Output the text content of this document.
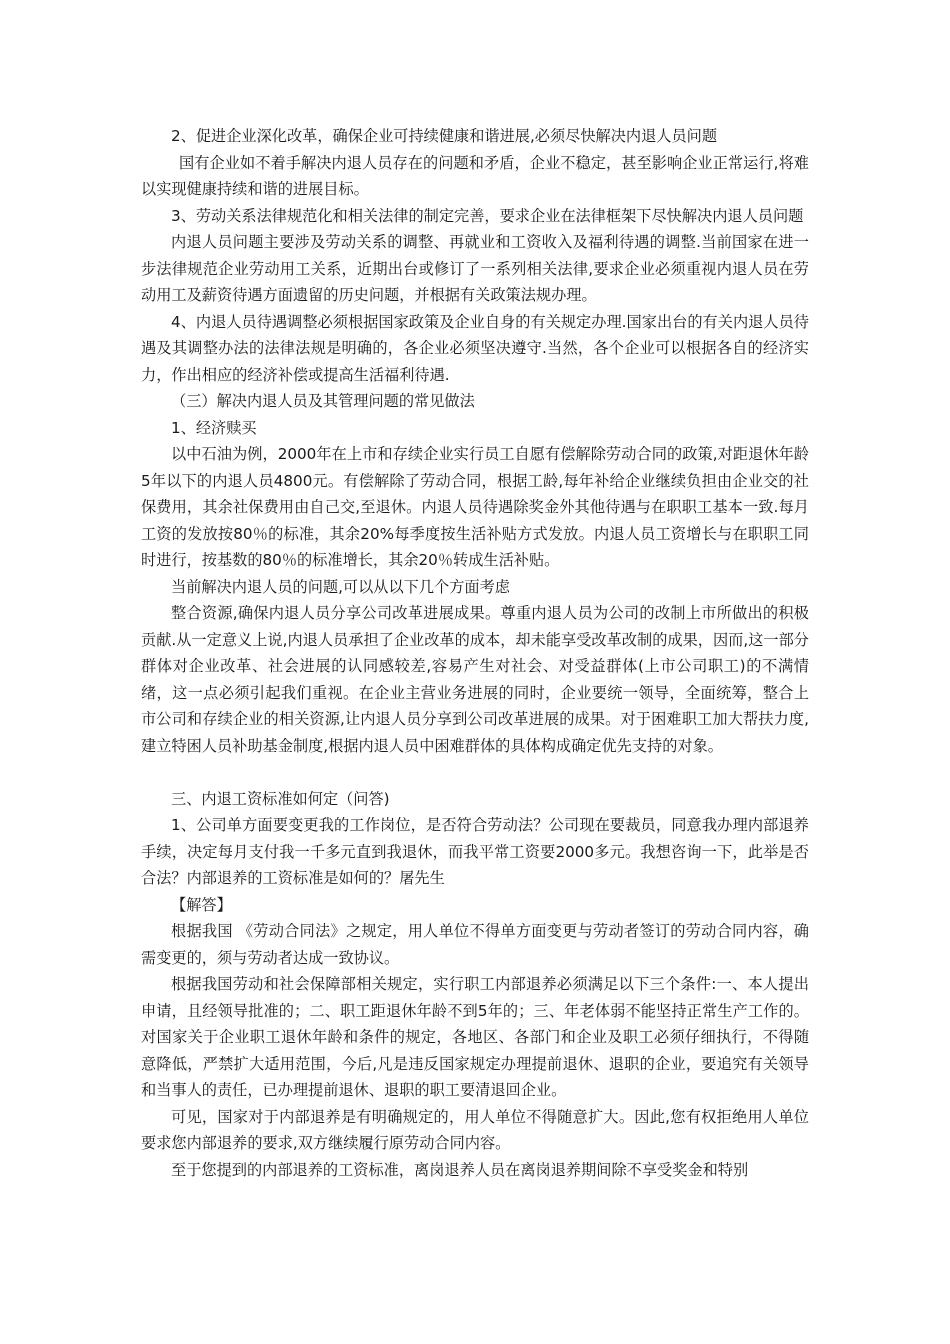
2、促进企业深化改革，确保企业可持续健康和谐进展,必须尽快解决内退人员问题

国有企业如不着手解决内退人员存在的问题和矛盾，企业不稳定，甚至影响企业正常运行,将难以实现健康持续和谐的进展目标。

3、劳动关系法律规范化和相关法律的制定完善，要求企业在法律框架下尽快解决内退人员问题

内退人员问题主要涉及劳动关系的调整、再就业和工资收入及福利待遇的调整.当前国家在进一步法律规范企业劳动用工关系，近期出台或修订了一系列相关法律,要求企业必须重视内退人员在劳动用工及薪资待遇方面遗留的历史问题，并根据有关政策法规办理。

4、内退人员待遇调整必须根据国家政策及企业自身的有关规定办理.国家出台的有关内退人员待遇及其调整办法的法律法规是明确的，各企业必须坚决遵守.当然，各个企业可以根据各自的经济实力，作出相应的经济补偿或提高生活福利待遇.

（三）解决内退人员及其管理问题的常见做法

1、经济赎买

以中石油为例，2000年在上市和存续企业实行员工自愿有偿解除劳动合同的政策,对距退休年龄5年以下的内退人员4800元。有偿解除了劳动合同，根据工龄,每年补给企业继续负担由企业交的社保费用，其余社保费用由自己交,至退休。内退人员待遇除奖金外其他待遇与在职职工基本一致.每月工资的发放按80％的标准，其余20%每季度按生活补贴方式发放。内退人员工资增长与在职职工同时进行，按基数的80％的标准增长，其余20％转成生活补贴。

当前解决内退人员的问题,可以从以下几个方面考虑

整合资源,确保内退人员分享公司改革进展成果。尊重内退人员为公司的改制上市所做出的积极贡献.从一定意义上说,内退人员承担了企业改革的成本，却未能享受改革改制的成果，因而,这一部分群体对企业改革、社会进展的认同感较差,容易产生对社会、对受益群体(上市公司职工)的不满情绪，这一点必须引起我们重视。在企业主营业务进展的同时，企业要统一领导，全面统筹，整合上市公司和存续企业的相关资源,让内退人员分享到公司改革进展的成果。对于困难职工加大帮扶力度,建立特困人员补助基金制度,根据内退人员中困难群体的具体构成确定优先支持的对象。

三、内退工资标准如何定（问答)

1、公司单方面要变更我的工作岗位，是否符合劳动法？公司现在要裁员，同意我办理内部退养手续，决定每月支付我一千多元直到我退休，而我平常工资要2000多元。我想咨询一下，此举是否合法？内部退养的工资标准是如何的？屠先生

【解答】

根据我国 《劳动合同法》之规定，用人单位不得单方面变更与劳动者签订的劳动合同内容，确需变更的，须与劳动者达成一致协议。

根据我国劳动和社会保障部相关规定，实行职工内部退养必须满足以下三个条件:一、本人提出申请，且经领导批准的；二、职工距退休年龄不到5年的；三、年老体弱不能坚持正常生产工作的。对国家关于企业职工退休年龄和条件的规定，各地区、各部门和企业及职工必须仔细执行，不得随意降低，严禁扩大适用范围，今后,凡是违反国家规定办理提前退休、退职的企业，要追究有关领导和当事人的责任，已办理提前退休、退职的职工要清退回企业。

可见，国家对于内部退养是有明确规定的，用人单位不得随意扩大。因此,您有权拒绝用人单位要求您内部退养的要求,双方继续履行原劳动合同内容。

至于您提到的内部退养的工资标准，离岗退养人员在离岗退养期间除不享受奖金和特别
